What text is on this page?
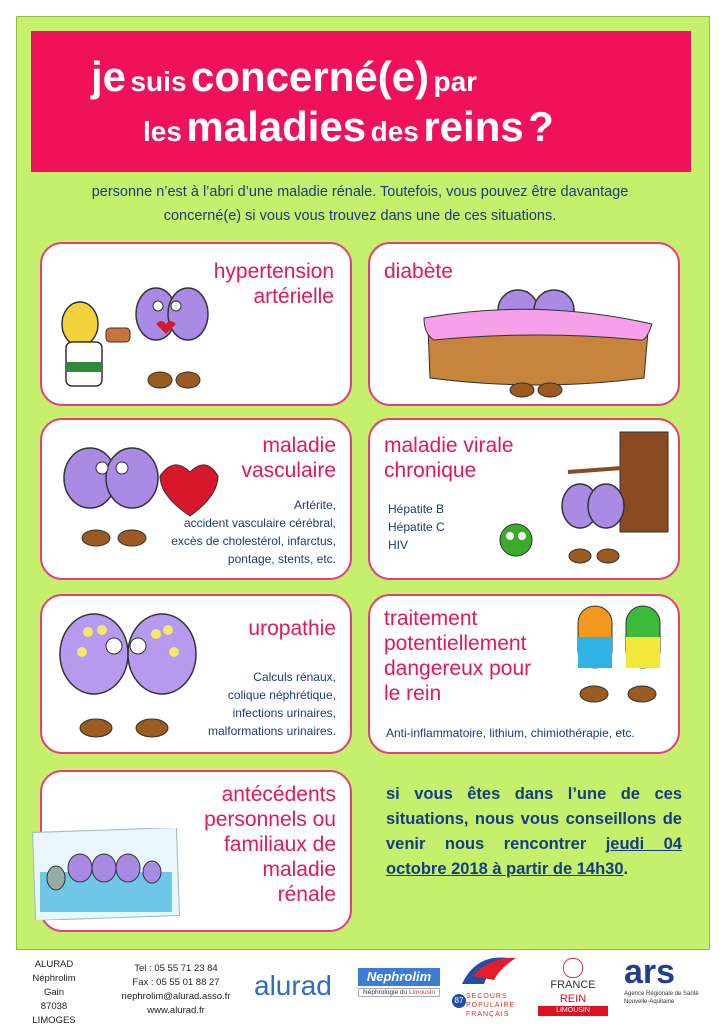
je suis concerné(e) par
les maladies des reins ?
personne n’est à l’abri d’une maladie rénale. Toutefois, vous pouvez être davantage
concerné(e) si vous vous trouvez dans une de ces situations.
hypertension
artérielle
diabète
maladie
vasculaire
Artérite,
accident vasculaire cérébral,
excès de cholestérol, infarctus,
pontage, stents, etc.
maladie virale
chronique
Hépatite B
Hépatite C
HIV
uropathie
Calculs rénaux,
colique néphrétique,
infections urinaires,
malformations urinaires.
traitement
potentiellement
dangereux pour
le rein
Anti-inflammatoire, lithium, chimiothérapie, etc.
antécédents
personnels ou
familiaux de
maladie
rénale
si vous êtes dans l’une de ces situations, nous vous conseillons de venir nous rencontrer jeudi 04 octobre 2018 à partir de 14h30.
ALURAD
Néphrolim
Gain
87038 LIMOGES
Tel : 05 55 71 23 84
Fax : 05 55 01 88 27
nephrolim@alurad.asso.fr
www.alurad.fr
alurad	Nephrolim
Néphrologie du Limousin
87 SECOURS POPULAIRE FRANÇAIS
FRANCE REIN
LIMOUSIN
ars
Agence Régionale de Santé
Nouvelle-Aquitaine
